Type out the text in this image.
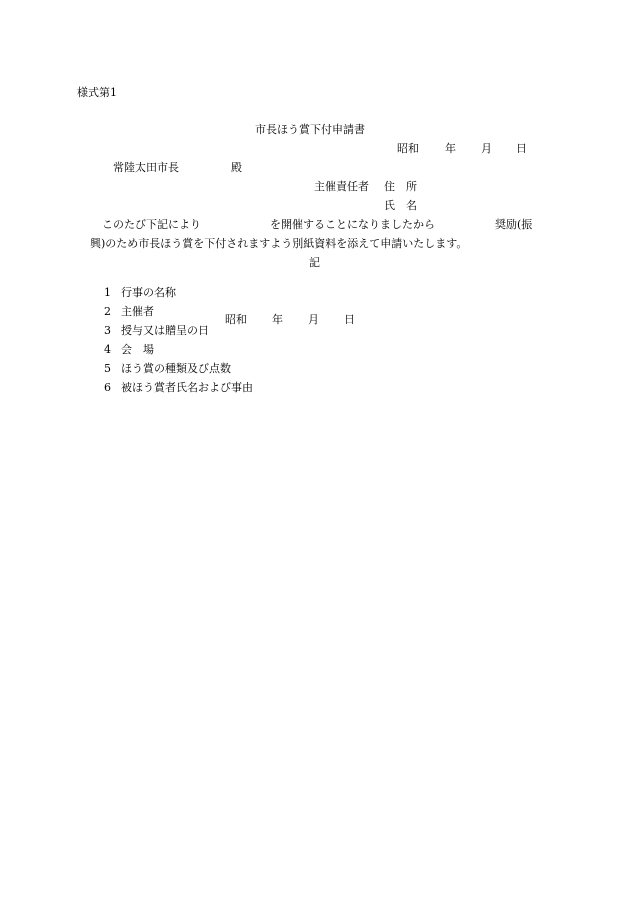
様式第1
市長ほう賞下付申請書
昭和 年 月 日
常陸太田市長	殿
主催責任者 住　所
氏　名
このたび下記により	を開催することになりましたから	奨励(振
興)のため市長ほう賞を下付されますよう別紙資料を添えて申請いたします。
記

1 行事の名称

2 主催者

3 授与又は贈呈の日

昭和 年 月 日

4 会　場

5 ほう賞の種類及び点数

6 被ほう賞者氏名および事由
